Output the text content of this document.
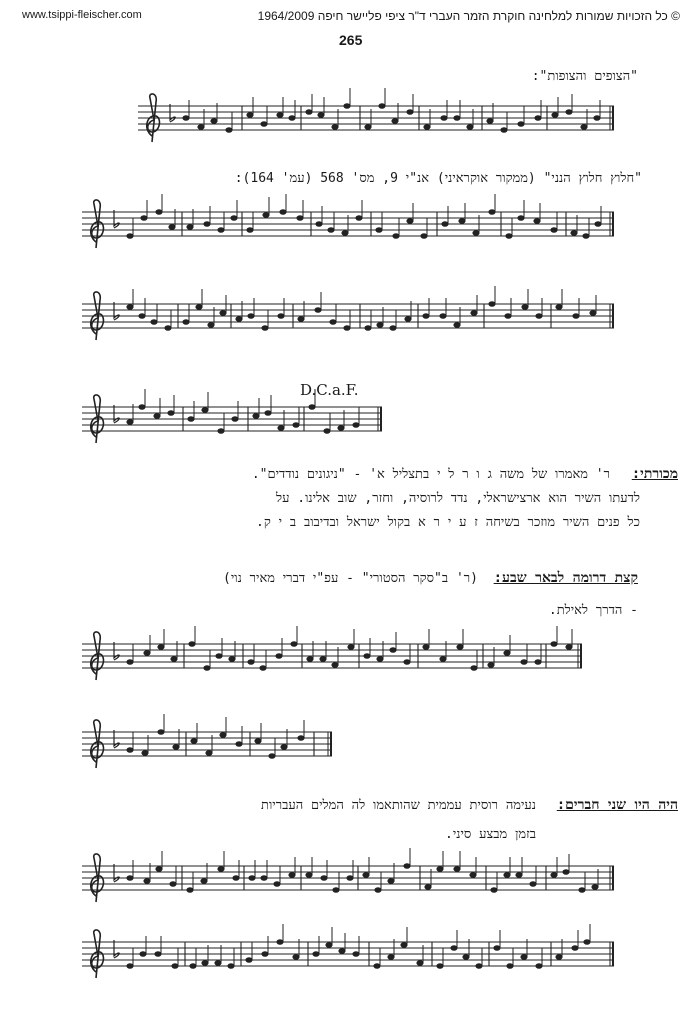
www.tsippi-fleischer.com	© כל הזכויות שמורות למלחינה חוקרת הזמר העברי ד"ר ציפי פליישר חיפה 1964/2009
265
"הצופים והצופות":
"חלוץ חלוץ הנני" (ממקור אוקראיני) אנ"י 9, מס' 568 (עמ' 164):
D.C.a.F.
מכורתי:
ר' מאמרו של משה ג ו ר ל י בתצליל א' - "ניגונים נודדים".
לדעתו השיר הוא ארצישראלי, נדד לרוסיה, וחזר, שוב אלינו. על
כל פנים השיר מוזכר בשיחה ז ע י ר א בקול ישראל ובדיבוב ב י ק.
קצת דרומה לבאר שבע:
(ר' ב"סקר הסטורי" - עפ"י דברי מאיר נוי)
- הדרך לאילת.
היה היו שני חברים:
נעימה רוסית עממית שהותאמו לה המלים העבריות
בזמן מבצע סיני.
